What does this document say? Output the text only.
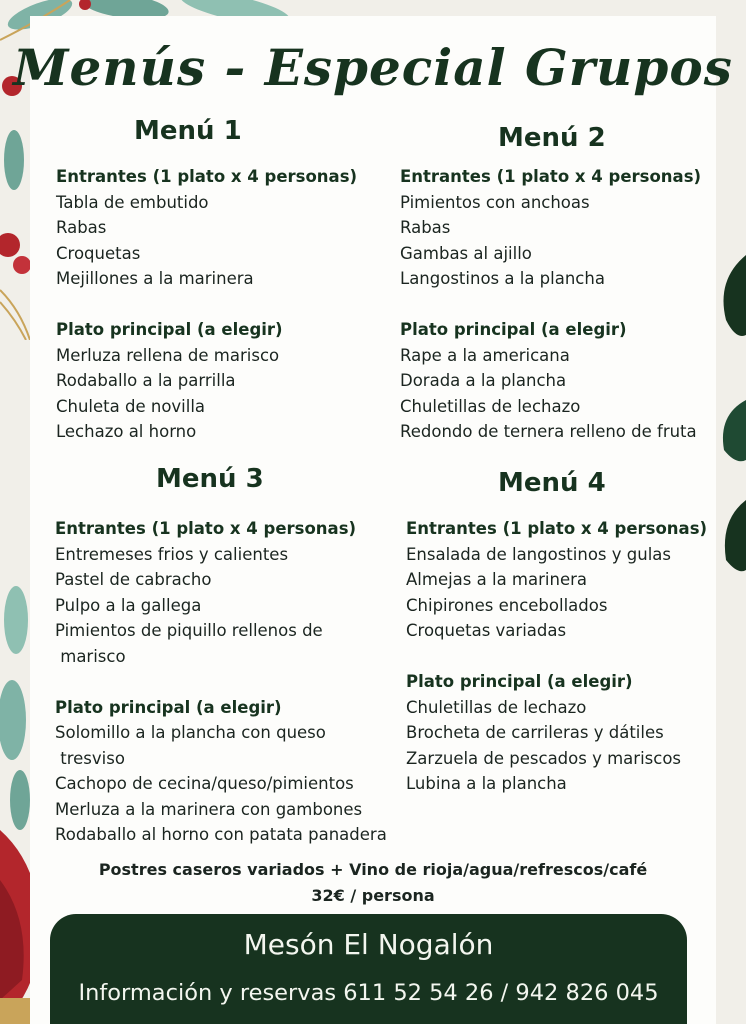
Menús - Especial Grupos
Menú 1
Entrantes (1 plato x 4 personas)
Tabla de embutido
Rabas
Croquetas
Mejillones a la marinera
Plato principal (a elegir)
Merluza rellena de marisco
Rodaballo a la parrilla
Chuleta de novilla
Lechazo al horno
Menú 2
Entrantes (1 plato x 4 personas)
Pimientos con anchoas
Rabas
Gambas al ajillo
Langostinos a la plancha
Plato principal (a elegir)
Rape a la americana
Dorada a la plancha
Chuletillas de lechazo
Redondo de ternera relleno de fruta
Menú 3
Entrantes (1 plato x 4 personas)
Entremeses frios y calientes
Pastel de cabracho
Pulpo a la gallega
Pimientos de piquillo rellenos de
marisco
Plato principal (a elegir)
Solomillo a la plancha con queso
tresviso
Cachopo de cecina/queso/pimientos
Merluza a la marinera con gambones
Rodaballo al horno con patata panadera
Menú 4
Entrantes (1 plato x 4 personas)
Ensalada de langostinos y gulas
Almejas a la marinera
Chipirones encebollados
Croquetas variadas
Plato principal (a elegir)
Chuletillas de lechazo
Brocheta de carrileras y dátiles
Zarzuela de pescados y mariscos
Lubina a la plancha
Postres caseros variados + Vino de rioja/agua/refrescos/café
32€ / persona
Mesón El Nogalón
Información y reservas 611 52 54 26 / 942 826 045
